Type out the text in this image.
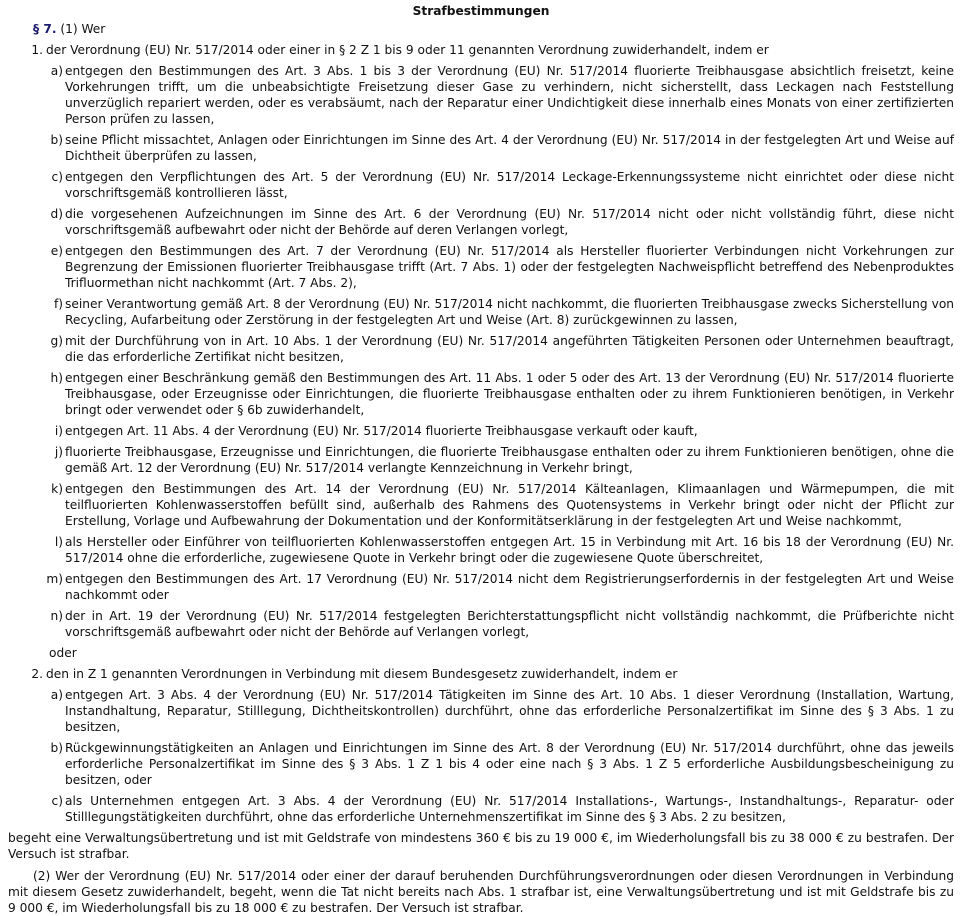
Strafbestimmungen
§ 7. (1) Wer
1. der Verordnung (EU) Nr. 517/2014 oder einer in § 2 Z 1 bis 9 oder 11 genannten Verordnung zuwiderhandelt, indem er
a) entgegen den Bestimmungen des Art. 3 Abs. 1 bis 3 der Verordnung (EU) Nr. 517/2014 fluorierte Treibhausgase absichtlich freisetzt, keine Vorkehrungen trifft, um die unbeabsichtigte Freisetzung dieser Gase zu verhindern, nicht sicherstellt, dass Leckagen nach Feststellung unverzüglich repariert werden, oder es verabsäumt, nach der Reparatur einer Undichtigkeit diese innerhalb eines Monats von einer zertifizierten Person prüfen zu lassen,
b) seine Pflicht missachtet, Anlagen oder Einrichtungen im Sinne des Art. 4 der Verordnung (EU) Nr. 517/2014 in der festgelegten Art und Weise auf Dichtheit überprüfen zu lassen,
c) entgegen den Verpflichtungen des Art. 5 der Verordnung (EU) Nr. 517/2014 Leckage-Erkennungssysteme nicht einrichtet oder diese nicht vorschriftsgemäß kontrollieren lässt,
d) die vorgesehenen Aufzeichnungen im Sinne des Art. 6 der Verordnung (EU) Nr. 517/2014 nicht oder nicht vollständig führt, diese nicht vorschriftsgemäß aufbewahrt oder nicht der Behörde auf deren Verlangen vorlegt,
e) entgegen den Bestimmungen des Art. 7 der Verordnung (EU) Nr. 517/2014 als Hersteller fluorierter Verbindungen nicht Vorkehrungen zur Begrenzung der Emissionen fluorierter Treibhausgase trifft (Art. 7 Abs. 1) oder der festgelegten Nachweispflicht betreffend des Nebenproduktes Trifluormethan nicht nachkommt (Art. 7 Abs. 2),
f) seiner Verantwortung gemäß Art. 8 der Verordnung (EU) Nr. 517/2014 nicht nachkommt, die fluorierten Treibhausgase zwecks Sicherstellung von Recycling, Aufarbeitung oder Zerstörung in der festgelegten Art und Weise (Art. 8) zurückgewinnen zu lassen,
g) mit der Durchführung von in Art. 10 Abs. 1 der Verordnung (EU) Nr. 517/2014 angeführten Tätigkeiten Personen oder Unternehmen beauftragt, die das erforderliche Zertifikat nicht besitzen,
h) entgegen einer Beschränkung gemäß den Bestimmungen des Art. 11 Abs. 1 oder 5 oder des Art. 13 der Verordnung (EU) Nr. 517/2014 fluorierte Treibhausgase, oder Erzeugnisse oder Einrichtungen, die fluorierte Treibhausgase enthalten oder zu ihrem Funktionieren benötigen, in Verkehr bringt oder verwendet oder § 6b zuwiderhandelt,
i) entgegen Art. 11 Abs. 4 der Verordnung (EU) Nr. 517/2014 fluorierte Treibhausgase verkauft oder kauft,
j) fluorierte Treibhausgase, Erzeugnisse und Einrichtungen, die fluorierte Treibhausgase enthalten oder zu ihrem Funktionieren benötigen, ohne die gemäß Art. 12 der Verordnung (EU) Nr. 517/2014 verlangte Kennzeichnung in Verkehr bringt,
k) entgegen den Bestimmungen des Art. 14 der Verordnung (EU) Nr. 517/2014 Kälteanlagen, Klimaanlagen und Wärmepumpen, die mit teilfluorierten Kohlenwasserstoffen befüllt sind, außerhalb des Rahmens des Quotensystems in Verkehr bringt oder nicht der Pflicht zur Erstellung, Vorlage und Aufbewahrung der Dokumentation und der Konformitätserklärung in der festgelegten Art und Weise nachkommt,
l) als Hersteller oder Einführer von teilfluorierten Kohlenwasserstoffen entgegen Art. 15 in Verbindung mit Art. 16 bis 18 der Verordnung (EU) Nr. 517/2014 ohne die erforderliche, zugewiesene Quote in Verkehr bringt oder die zugewiesene Quote überschreitet,
m) entgegen den Bestimmungen des Art. 17 Verordnung (EU) Nr. 517/2014 nicht dem Registrierungserfordernis in der festgelegten Art und Weise nachkommt oder
n) der in Art. 19 der Verordnung (EU) Nr. 517/2014 festgelegten Berichterstattungspflicht nicht vollständig nachkommt, die Prüfberichte nicht vorschriftsgemäß aufbewahrt oder nicht der Behörde auf Verlangen vorlegt,
oder
2. den in Z 1 genannten Verordnungen in Verbindung mit diesem Bundesgesetz zuwiderhandelt, indem er
a) entgegen Art. 3 Abs. 4 der Verordnung (EU) Nr. 517/2014 Tätigkeiten im Sinne des Art. 10 Abs. 1 dieser Verordnung (Installation, Wartung, Instandhaltung, Reparatur, Stilllegung, Dichtheitskontrollen) durchführt, ohne das erforderliche Personalzertifikat im Sinne des § 3 Abs. 1 zu besitzen,
b) Rückgewinnungstätigkeiten an Anlagen und Einrichtungen im Sinne des Art. 8 der Verordnung (EU) Nr. 517/2014 durchführt, ohne das jeweils erforderliche Personalzertifikat im Sinne des § 3 Abs. 1 Z 1 bis 4 oder eine nach § 3 Abs. 1 Z 5 erforderliche Ausbildungsbescheinigung zu besitzen, oder
c) als Unternehmen entgegen Art. 3 Abs. 4 der Verordnung (EU) Nr. 517/2014 Installations-, Wartungs-, Instandhaltungs-, Reparatur- oder Stilllegungstätigkeiten durchführt, ohne das erforderliche Unternehmenszertifikat im Sinne des § 3 Abs. 2 zu besitzen,
begeht eine Verwaltungsübertretung und ist mit Geldstrafe von mindestens 360 € bis zu 19 000 €, im Wiederholungsfall bis zu 38 000 € zu bestrafen. Der Versuch ist strafbar.
(2) Wer der Verordnung (EU) Nr. 517/2014 oder einer der darauf beruhenden Durchführungsverordnungen oder diesen Verordnungen in Verbindung mit diesem Gesetz zuwiderhandelt, begeht, wenn die Tat nicht bereits nach Abs. 1 strafbar ist, eine Verwaltungsübertretung und ist mit Geldstrafe bis zu 9 000 €, im Wiederholungsfall bis zu 18 000 € zu bestrafen. Der Versuch ist strafbar.
